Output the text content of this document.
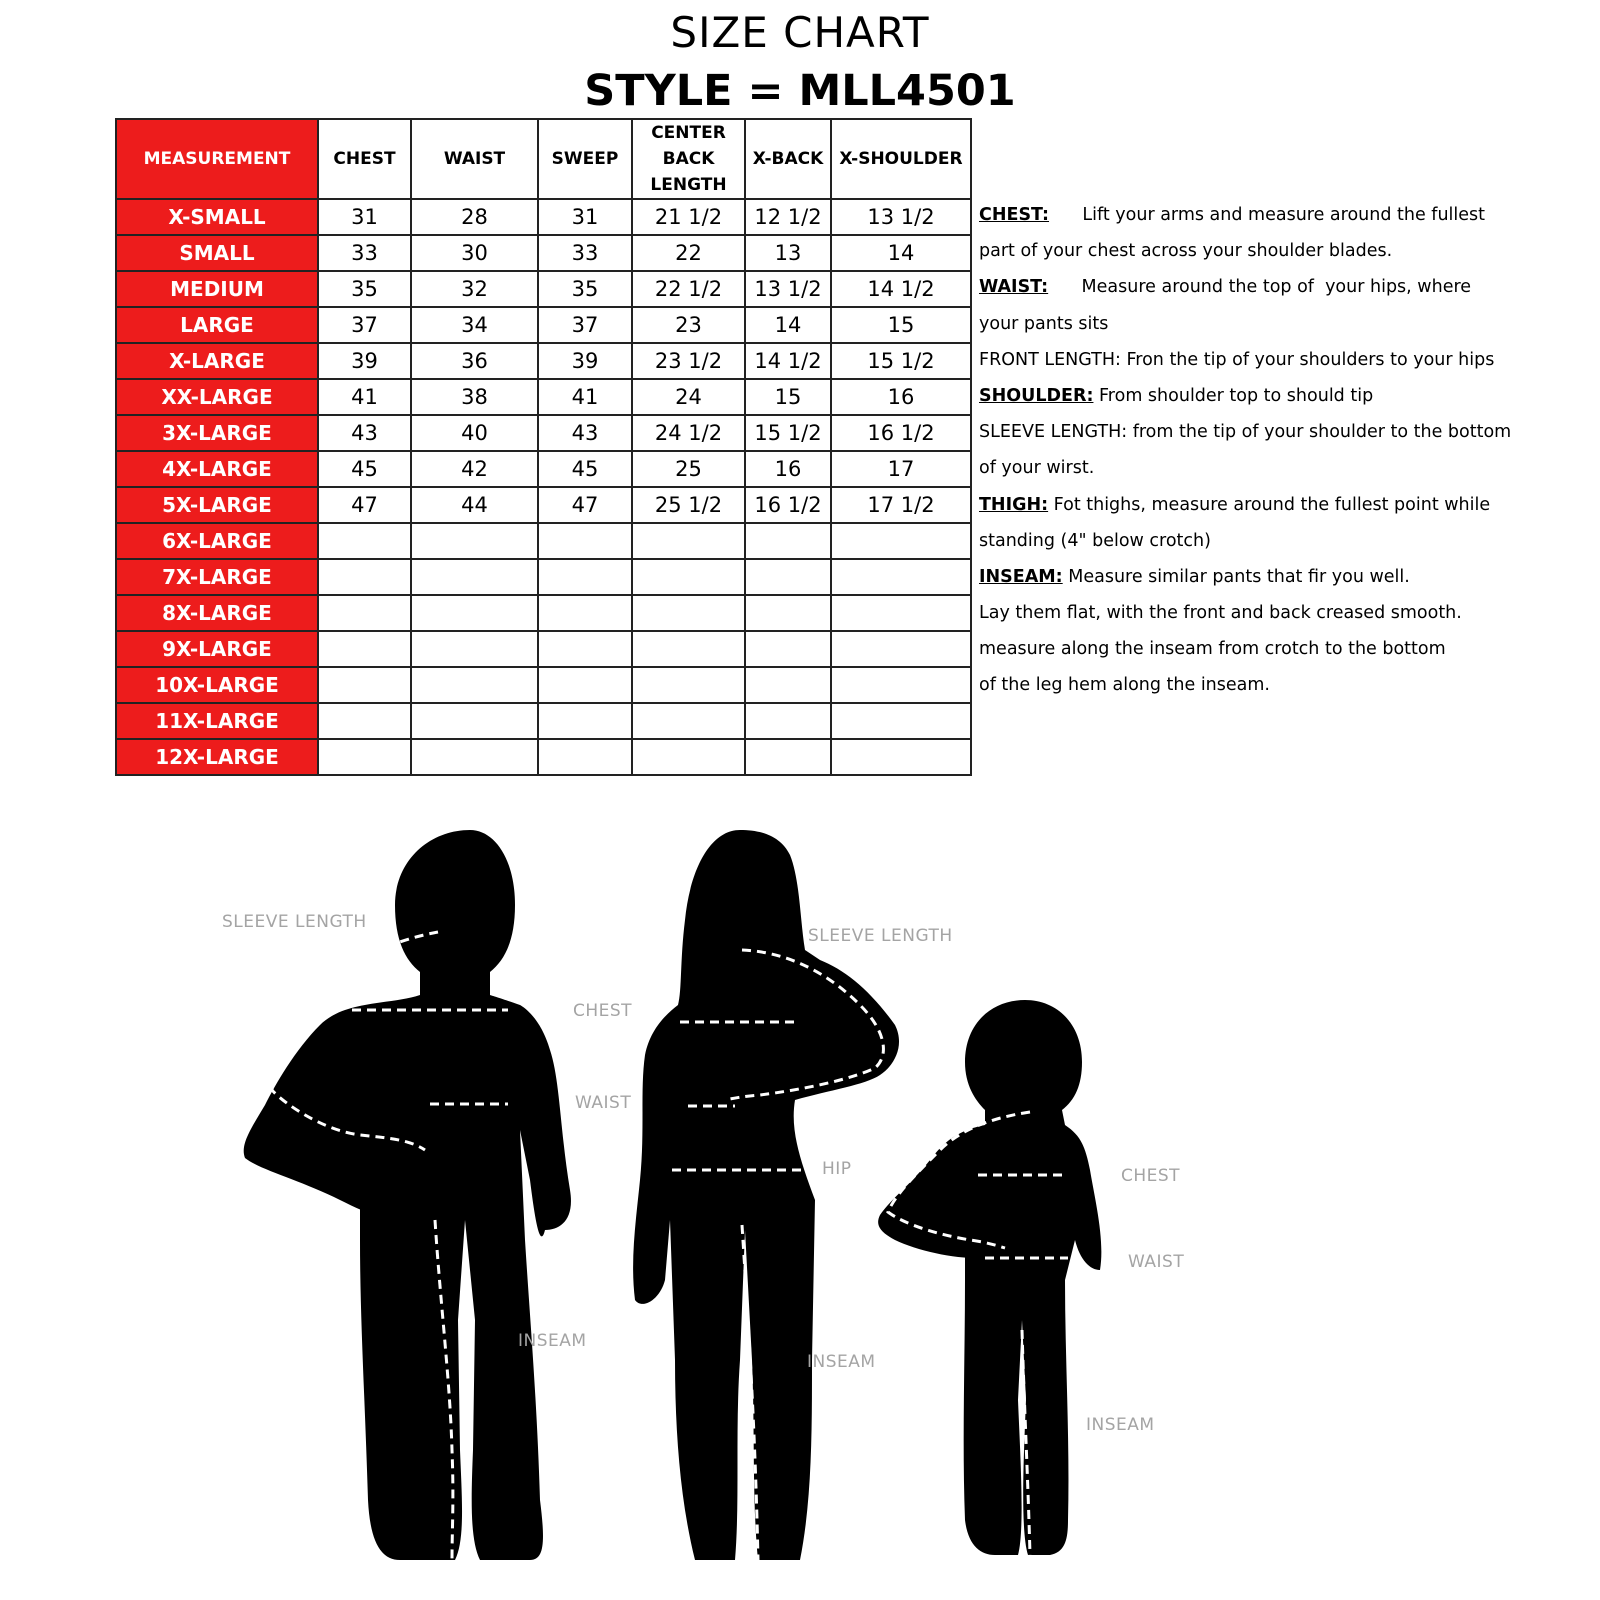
SIZE CHART
STYLE = MLL4501
MEASUREMENT	CHEST	WAIST	SWEEP	CENTER BACK LENGTH	X-BACK	X-SHOULDER
X-SMALL	31	28	31	21 1/2	12 1/2	13 1/2
SMALL	33	30	33	22	13	14
MEDIUM	35	32	35	22 1/2	13 1/2	14 1/2
LARGE	37	34	37	23	14	15
X-LARGE	39	36	39	23 1/2	14 1/2	15 1/2
XX-LARGE	41	38	41	24	15	16
3X-LARGE	43	40	43	24 1/2	15 1/2	16 1/2
4X-LARGE	45	42	45	25	16	17
5X-LARGE	47	44	47	25 1/2	16 1/2	17 1/2
6X-LARGE						
7X-LARGE						
8X-LARGE						
9X-LARGE						
10X-LARGE						
11X-LARGE						
12X-LARGE						
CHEST:      Lift your arms and measure around the fullest
part of your chest across your shoulder blades.
WAIST:      Measure around the top of  your hips, where
your pants sits
FRONT LENGTH: Fron the tip of your shoulders to your hips
SHOULDER: From shoulder top to should tip
SLEEVE LENGTH: from the tip of your shoulder to the bottom
of your wirst.
THIGH: Fot thighs, measure around the fullest point while
standing (4" below crotch)
INSEAM: Measure similar pants that fir you well.
Lay them flat, with the front and back creased smooth.
measure along the inseam from crotch to the bottom
of the leg hem along the inseam.
SLEEVE LENGTH
CHEST
WAIST
INSEAM
SLEEVE LENGTH
HIP
INSEAM
CHEST
WAIST
INSEAM
